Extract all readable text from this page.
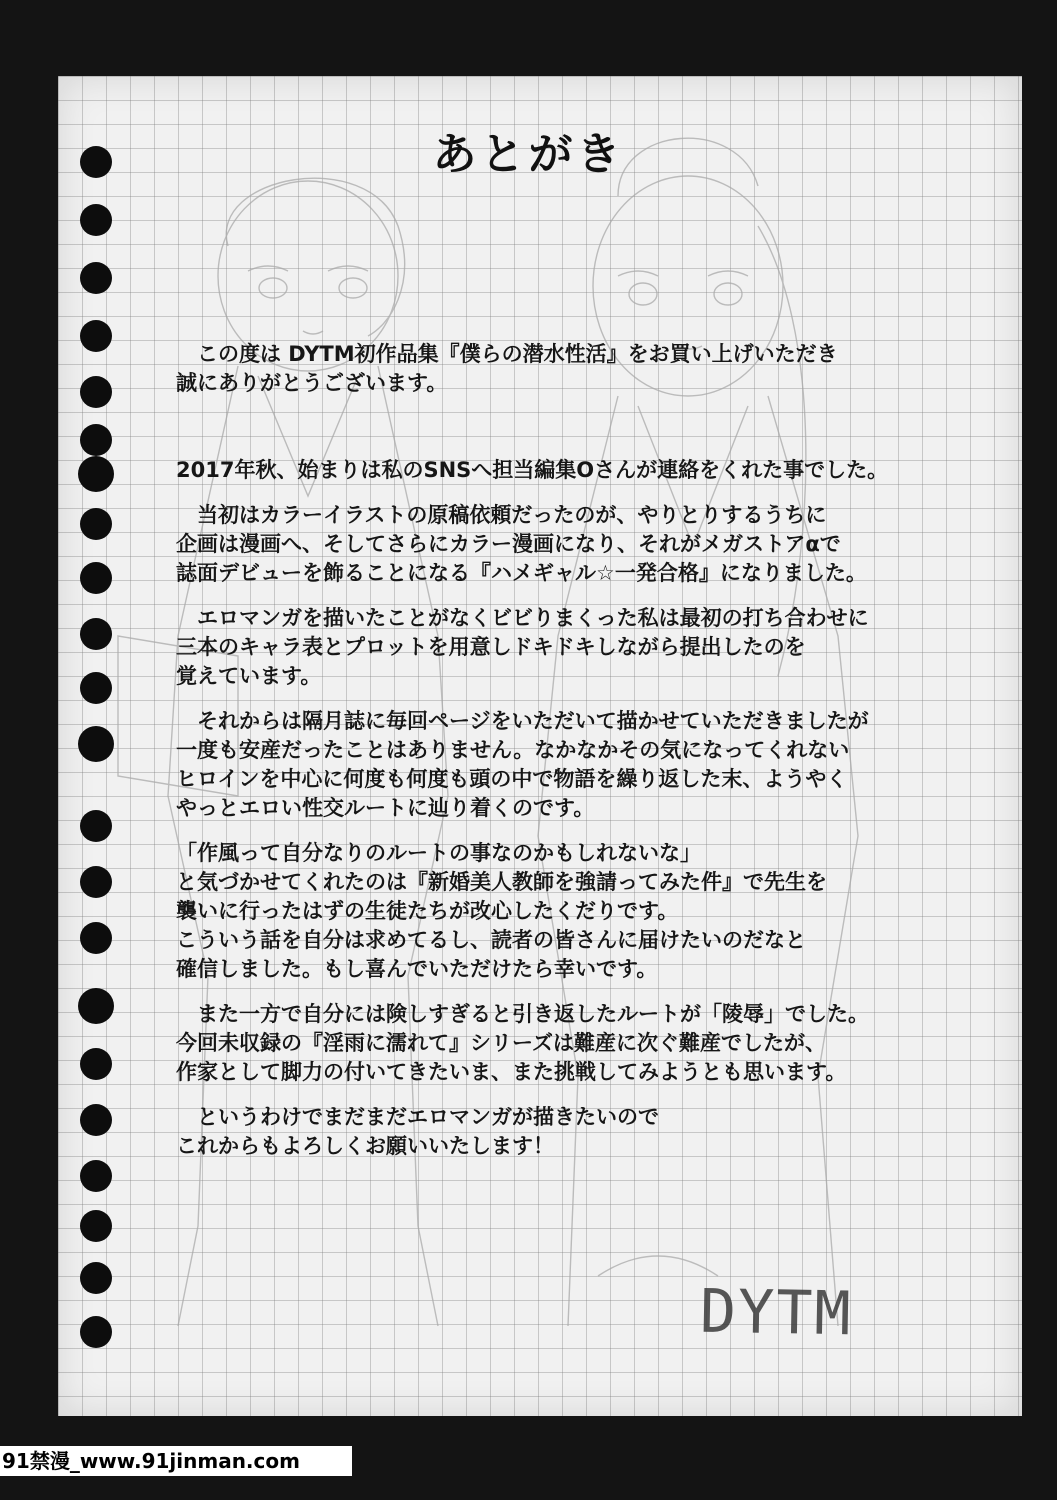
あとがき

　この度は DYTM初作品集『僕らの潜水性活』をお買い上げいただき
誠にありがとうございます。

2017年秋、始まりは私のSNSへ担当編集Oさんが連絡をくれた事でした。

　当初はカラーイラストの原稿依頼だったのが、やりとりするうちに
企画は漫画へ、そしてさらにカラー漫画になり、それがメガストアαで
誌面デビューを飾ることになる『ハメギャル☆一発合格』になりました。

　エロマンガを描いたことがなくビビりまくった私は最初の打ち合わせに
三本のキャラ表とプロットを用意しドキドキしながら提出したのを
覚えています。

　それからは隔月誌に毎回ページをいただいて描かせていただきましたが
一度も安産だったことはありません。なかなかその気になってくれない
ヒロインを中心に何度も何度も頭の中で物語を繰り返した末、ようやく
やっとエロい性交ルートに辿り着くのです。

「作風って自分なりのルートの事なのかもしれないな」
と気づかせてくれたのは『新婚美人教師を強請ってみた件』で先生を
襲いに行ったはずの生徒たちが改心したくだりです。
こういう話を自分は求めてるし、読者の皆さんに届けたいのだなと
確信しました。もし喜んでいただけたら幸いです。

　また一方で自分には険しすぎると引き返したルートが「陵辱」でした。
今回未収録の『淫雨に濡れて』シリーズは難産に次ぐ難産でしたが、
作家として脚力の付いてきたいま、また挑戦してみようとも思います。

　というわけでまだまだエロマンガが描きたいので
これからもよろしくお願いいたします！

DYTM
91禁漫_www.91jinman.com
